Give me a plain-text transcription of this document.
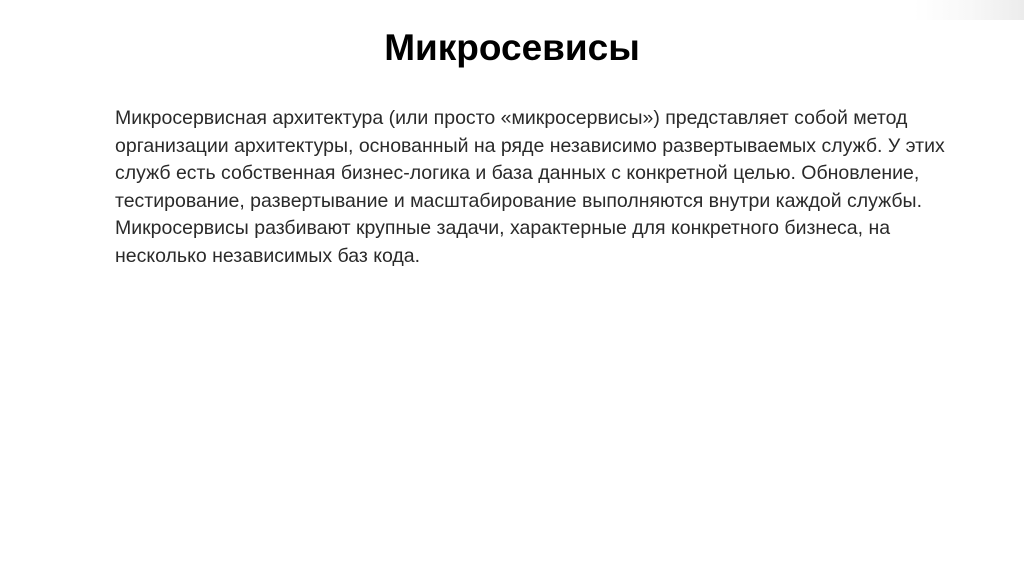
Микросевисы
Микросервисная архитектура (или просто «микросервисы») представляет собой метод
организации архитектуры, основанный на ряде независимо развертываемых служб. У этих
служб есть собственная бизнес-логика и база данных с конкретной целью. Обновление,
тестирование, развертывание и масштабирование выполняются внутри каждой службы.
Микросервисы разбивают крупные задачи, характерные для конкретного бизнеса, на
несколько независимых баз кода.
